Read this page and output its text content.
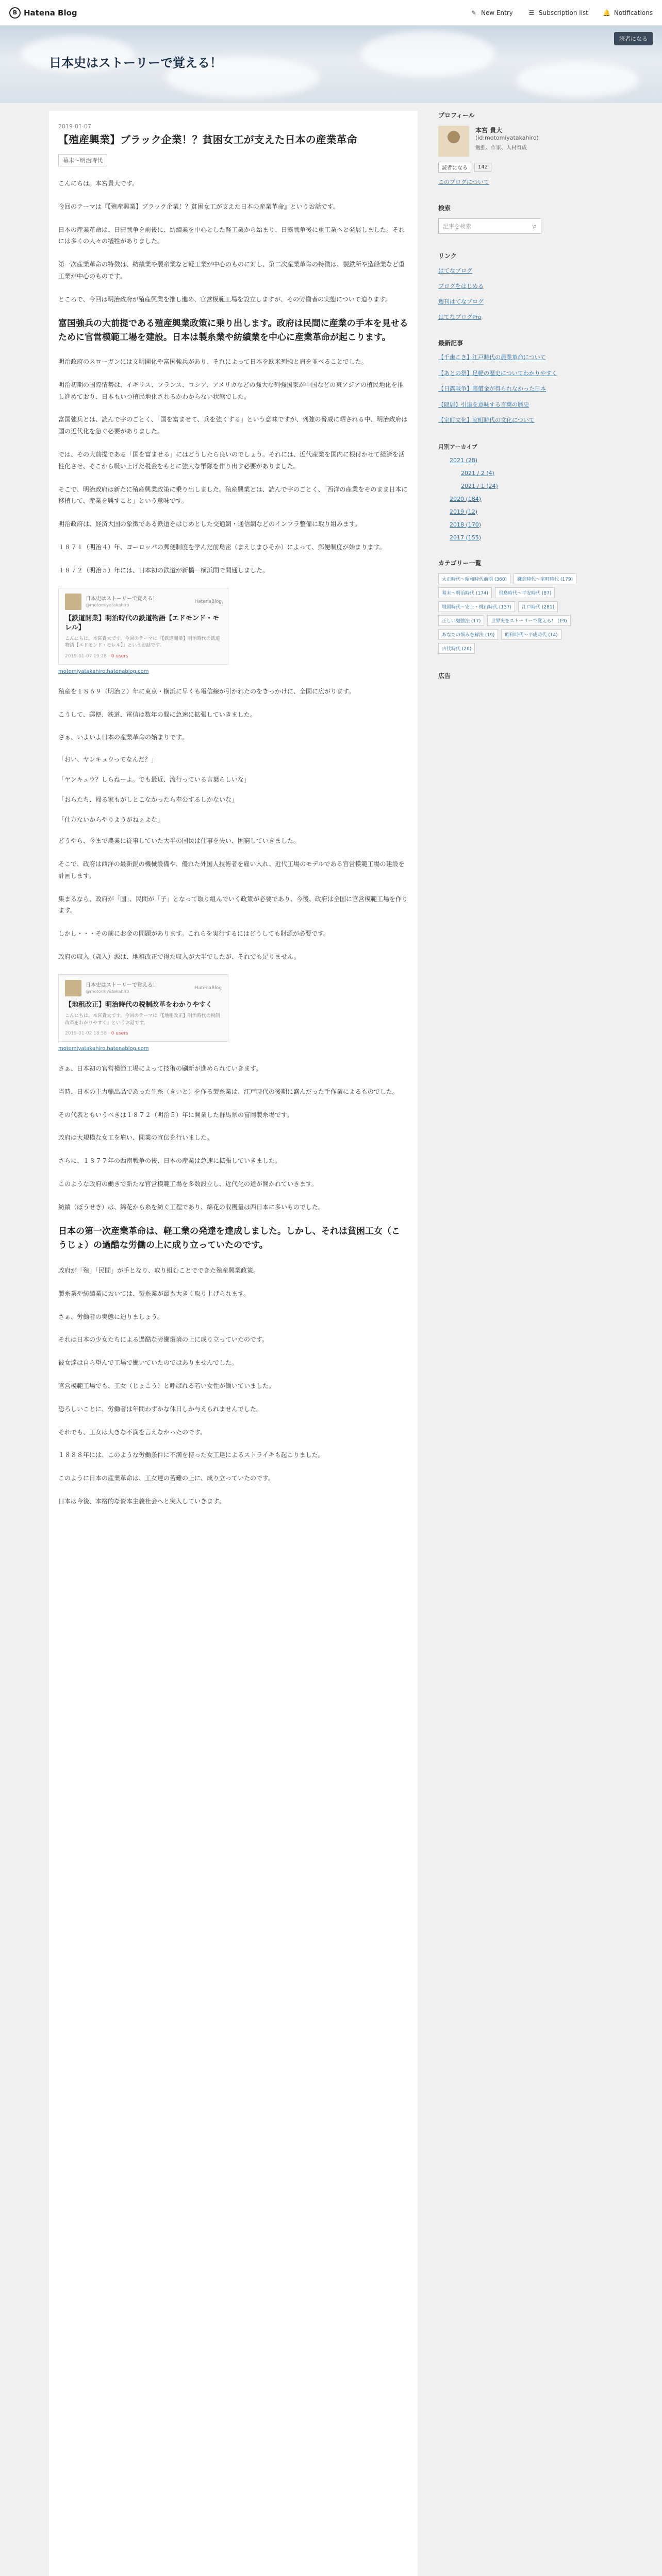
B Hatena Blog	✎ New Entry	☰ Subscription list 🔔 Notifications
読者になる
日本史はストーリーで覚える！
2019-01-07
【殖産興業】ブラック企業！？貧困女工が支えた日本の産業革命
幕末〜明治時代
こんにちは。本宮貴大です。
今回のテーマは『【殖産興業】ブラック企業！？貧困女工が支えた日本の産業革命』というお話です。
日本の産業革命は、日清戦争を前後に、紡績業を中心とした軽工業から始まり、日露戦争後に重工業へと発展しました。それには多くの人々の犠牲がありました。
第一次産業革命の特徴は、紡績業や製糸業など軽工業が中心のものに対し、第二次産業革命の特徴は、製鉄所や造船業など重工業が中心のものです。
ところで、今回は明治政府が殖産興業を推し進め、官営模範工場を設立しますが、その労働者の実態について迫ります。
富国強兵の大前提である殖産興業政策に乗り出します。政府は民間に産業の手本を見せるために官営模範工場を建設。日本は製糸業や紡績業を中心に産業革命が起こります。
明治政府のスローガンには文明開化や富国強兵があり、それによって日本を欧米列強と肩を並べることでした。
明治初期の国際情勢は、イギリス、フランス、ロシア、アメリカなどの強大な列強国家が中国などの東アジアの植民地化を推し進めており、日本もいつ植民地化されるかわからない状態でした。
富国強兵とは、読んで字のごとく、「国を富ませて、兵を強くする」という意味ですが、列強の脅威に晒される中、明治政府は国の近代化を急ぐ必要がありました。
では、その大前提である「国を富ませる」にはどうしたら良いのでしょう。それには、近代産業を国内に根付かせて経済を活性化させ、そこから吸い上げた税金をもとに強大な軍隊を作り出す必要がありました。
そこで、明治政府は新たに殖産興業政策に乗り出しました。殖産興業とは、読んで字のごとく、「西洋の産業をそのまま日本に移植して、産業を興すこと」という意味です。
明治政府は、経済大国の象徴である鉄道をはじめとした交通網・通信網などのインフラ整備に取り組みます。
１８７１（明治４）年、ヨーロッパの郵便制度を学んだ前島密（まえじまひそか）によって、郵便制度が始まります。
１８７２（明治５）年には、日本初の鉄道が新橋－横浜間で開通しました。
日本史はストーリーで覚える！
@motomiyatakahiro
HatenaBlog
【鉄道開業】明治時代の鉄道物語【エドモンド・モレル】
こんにちは。本宮貴大です。今回のテーマは『【鉄道開業】明治時代の鉄道物語【エドモンド・モレル】』というお話です。
2019-01-07 19:28 · 0 users
motomiyatakahiro.hatenablog.com
殖産を１８６９（明治２）年に東京・横浜に早くも電信線が引かれたのをきっかけに、全国に広がります。
こうして、郵便、鉄道、電信は数年の間に急速に拡張していきました。
さぁ、いよいよ日本の産業革命の始まりです。
「おい、ヤンキュウってなんだ？」
「ヤンキュウ？しらねーよ。でも最近、流行っている言葉らしいな」
「おらたち、帰る家もがしとこなかったら奉公するしかないな」
「仕方ないからやりようがねぇよな」
どうやら、今まで農業に従事していた大半の国民は仕事を失い、困窮していきました。
そこで、政府は西洋の最新鋭の機械設備や、優れた外国人技術者を雇い入れ、近代工場のモデルである官営模範工場の建設を計画します。
集まるなら、政府が「国」、民間が「子」となって取り組んでいく政策が必要であり、今後、政府は全国に官営模範工場を作ります。
しかし・・・その前にお金の問題があります。これらを実行するにはどうしても財源が必要です。
政府の収入（歳入）源は、地租改正で得た収入が大半でしたが、それでも足りません。
日本史はストーリーで覚える！
@motomiyatakahiro
HatenaBlog
【地租改正】明治時代の税制改革をわかりやすく
こんにちは。本宮貴大です。今回のテーマは『【地租改正】明治時代の税制改革をわかりやすく』というお話です。
2019-01-02 18:58 · 0 users
motomiyatakahiro.hatenablog.com
さぁ、日本初の官営模範工場によって技術の刷新が進められていきます。
当時、日本の主力輸出品であった生糸（きいと）を作る製糸業は、江戸時代の後期に盛んだった手作業によるものでした。
その代表ともいうべきは１８７２（明治５）年に開業した群馬県の富岡製糸場です。
政府は大規模な女工を雇い、開業の宣伝を行いました。
さらに、１８７７年の西南戦争の後、日本の産業は急速に拡張していきました。
このような政府の働きで新たな官営模範工場を多数設立し、近代化の道が開かれていきます。
紡績（ぼうせき）は、綿花から糸を紡ぐ工程であり、綿花の収穫量は西日本に多いものでした。
日本の第一次産業革命は、軽工業の発達を達成しました。しかし、それは貧困工女（こうじょ）の過酷な労働の上に成り立っていたのです。
政府が「殖」「民間」が手となり、取り組むことでできた殖産興業政策。
製糸業や紡績業においては、製糸業が最も大きく取り上げられます。
さぁ、労働者の実態に迫りましょう。
それは日本の少女たちによる過酷な労働環境の上に成り立っていたのです。
彼女達は自ら望んで工場で働いていたのではありませんでした。
官営模範工場でも、工女（じょこう）と呼ばれる若い女性が働いていました。
恐ろしいことに、労働者は年間わずかな休日しか与えられませんでした。
それでも、工女は大きな不満を言えなかったのです。
１８８８年には、このような労働条件に不満を持った女工達によるストライキも起こりました。
このように日本の産業革命は、工女達の苦難の上に、成り立っていたのです。
日本は今後、本格的な資本主義社会へと突入していきます。
プロフィール
本宮 貴大
(id:motomiyatakahiro)
勉強、作家、人材育成
読者になる	142
このブログについて
検索
記事を検索	⌕
リンク
はてなブログ
ブログをはじめる
週刊はてなブログ
はてなブログPro
最新記事
【千歯こき】江戸時代の農業革命について
【あとの祭】足軽の歴史についてわかりやすく
【日露戦争】賠償金が得られなかった日本
【隠居】引退を意味する言葉の歴史
【室町文化】室町時代の文化について
月別アーカイブ
2021 (28)
2021 / 2 (4)
2021 / 1 (24)
2020 (184)
2019 (12)
2018 (170)
2017 (155)
カテゴリー一覧
大正時代〜昭和時代前期 (360)	鎌倉時代〜室町時代 (179)
幕末〜明治時代 (174)	飛鳥時代〜平安時代 (87)
戦国時代〜安土・桃山時代 (137)	江戸時代 (281)
正しい勉強法 (17)	世界史をストーリーで覚える！ (19)
あなたの悩みを解決 (19)	昭和時代〜平成時代 (14)
古代時代 (20)
広告
